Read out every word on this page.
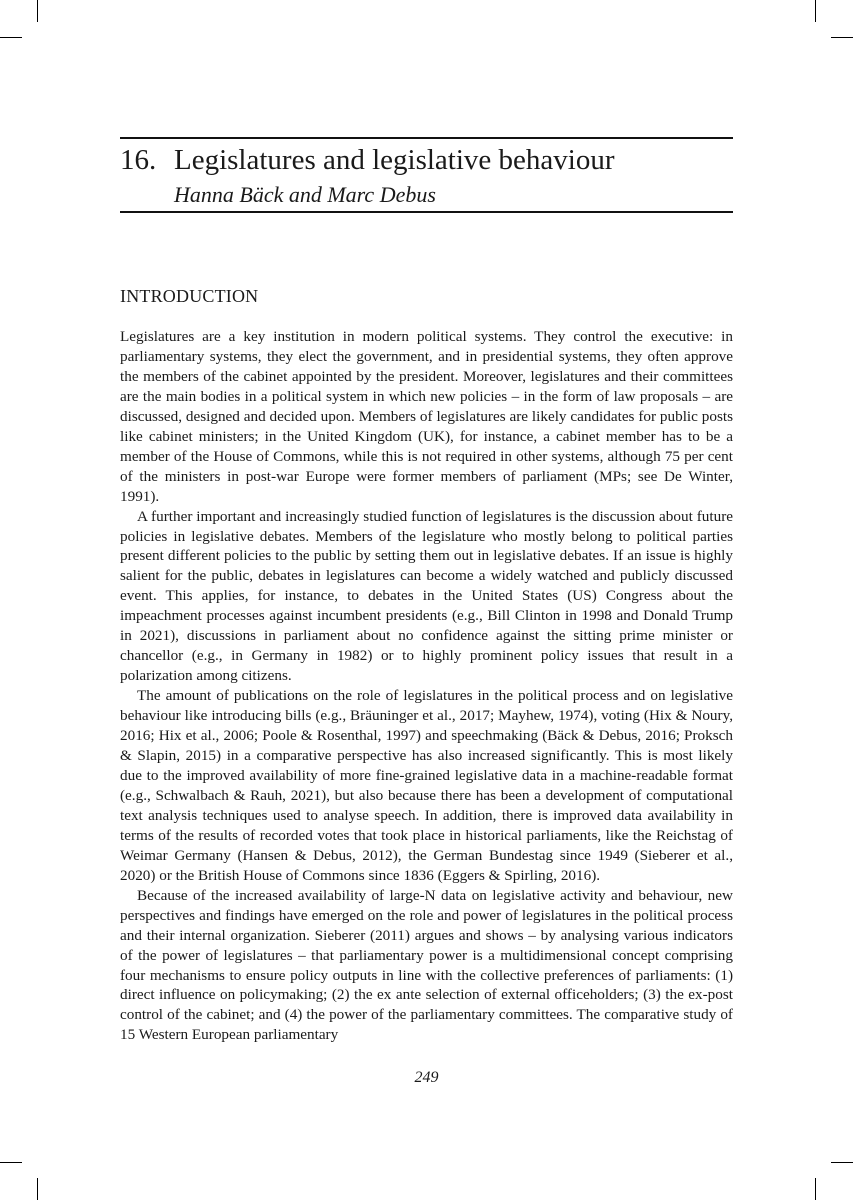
16. Legislatures and legislative behaviour
Hanna Bäck and Marc Debus
INTRODUCTION

Legislatures are a key institution in modern political systems. They control the executive: in parliamentary systems, they elect the government, and in presidential systems, they often approve the members of the cabinet appointed by the president. Moreover, legislatures and their committees are the main bodies in a political system in which new policies – in the form of law proposals – are discussed, designed and decided upon. Members of legislatures are likely candidates for public posts like cabinet ministers; in the United Kingdom (UK), for instance, a cabinet member has to be a member of the House of Commons, while this is not required in other systems, although 75 per cent of the ministers in post-war Europe were former members of parliament (MPs; see De Winter, 1991).

A further important and increasingly studied function of legislatures is the discussion about future policies in legislative debates. Members of the legislature who mostly belong to political parties present different policies to the public by setting them out in legislative debates. If an issue is highly salient for the public, debates in legislatures can become a widely watched and publicly discussed event. This applies, for instance, to debates in the United States (US) Congress about the impeachment processes against incumbent presidents (e.g., Bill Clinton in 1998 and Donald Trump in 2021), discussions in parliament about no confidence against the sitting prime minister or chancellor (e.g., in Germany in 1982) or to highly prominent policy issues that result in a polarization among citizens.

The amount of publications on the role of legislatures in the political process and on legislative behaviour like introducing bills (e.g., Bräuninger et al., 2017; Mayhew, 1974), voting (Hix & Noury, 2016; Hix et al., 2006; Poole & Rosenthal, 1997) and speechmaking (Bäck & Debus, 2016; Proksch & Slapin, 2015) in a comparative perspective has also increased significantly. This is most likely due to the improved availability of more fine-grained legislative data in a machine-readable format (e.g., Schwalbach & Rauh, 2021), but also because there has been a development of computational text analysis techniques used to analyse speech. In addition, there is improved data availability in terms of the results of recorded votes that took place in historical parliaments, like the Reichstag of Weimar Germany (Hansen & Debus, 2012), the German Bundestag since 1949 (Sieberer et al., 2020) or the British House of Commons since 1836 (Eggers & Spirling, 2016).

Because of the increased availability of large-N data on legislative activity and behaviour, new perspectives and findings have emerged on the role and power of legislatures in the political process and their internal organization. Sieberer (2011) argues and shows – by analysing various indicators of the power of legislatures – that parliamentary power is a multidimensional concept comprising four mechanisms to ensure policy outputs in line with the collective preferences of parliaments: (1) direct influence on policymaking; (2) the ex ante selection of external officeholders; (3) the ex-post control of the cabinet; and (4) the power of the parliamentary committees. The comparative study of 15 Western European parliamentary

249
